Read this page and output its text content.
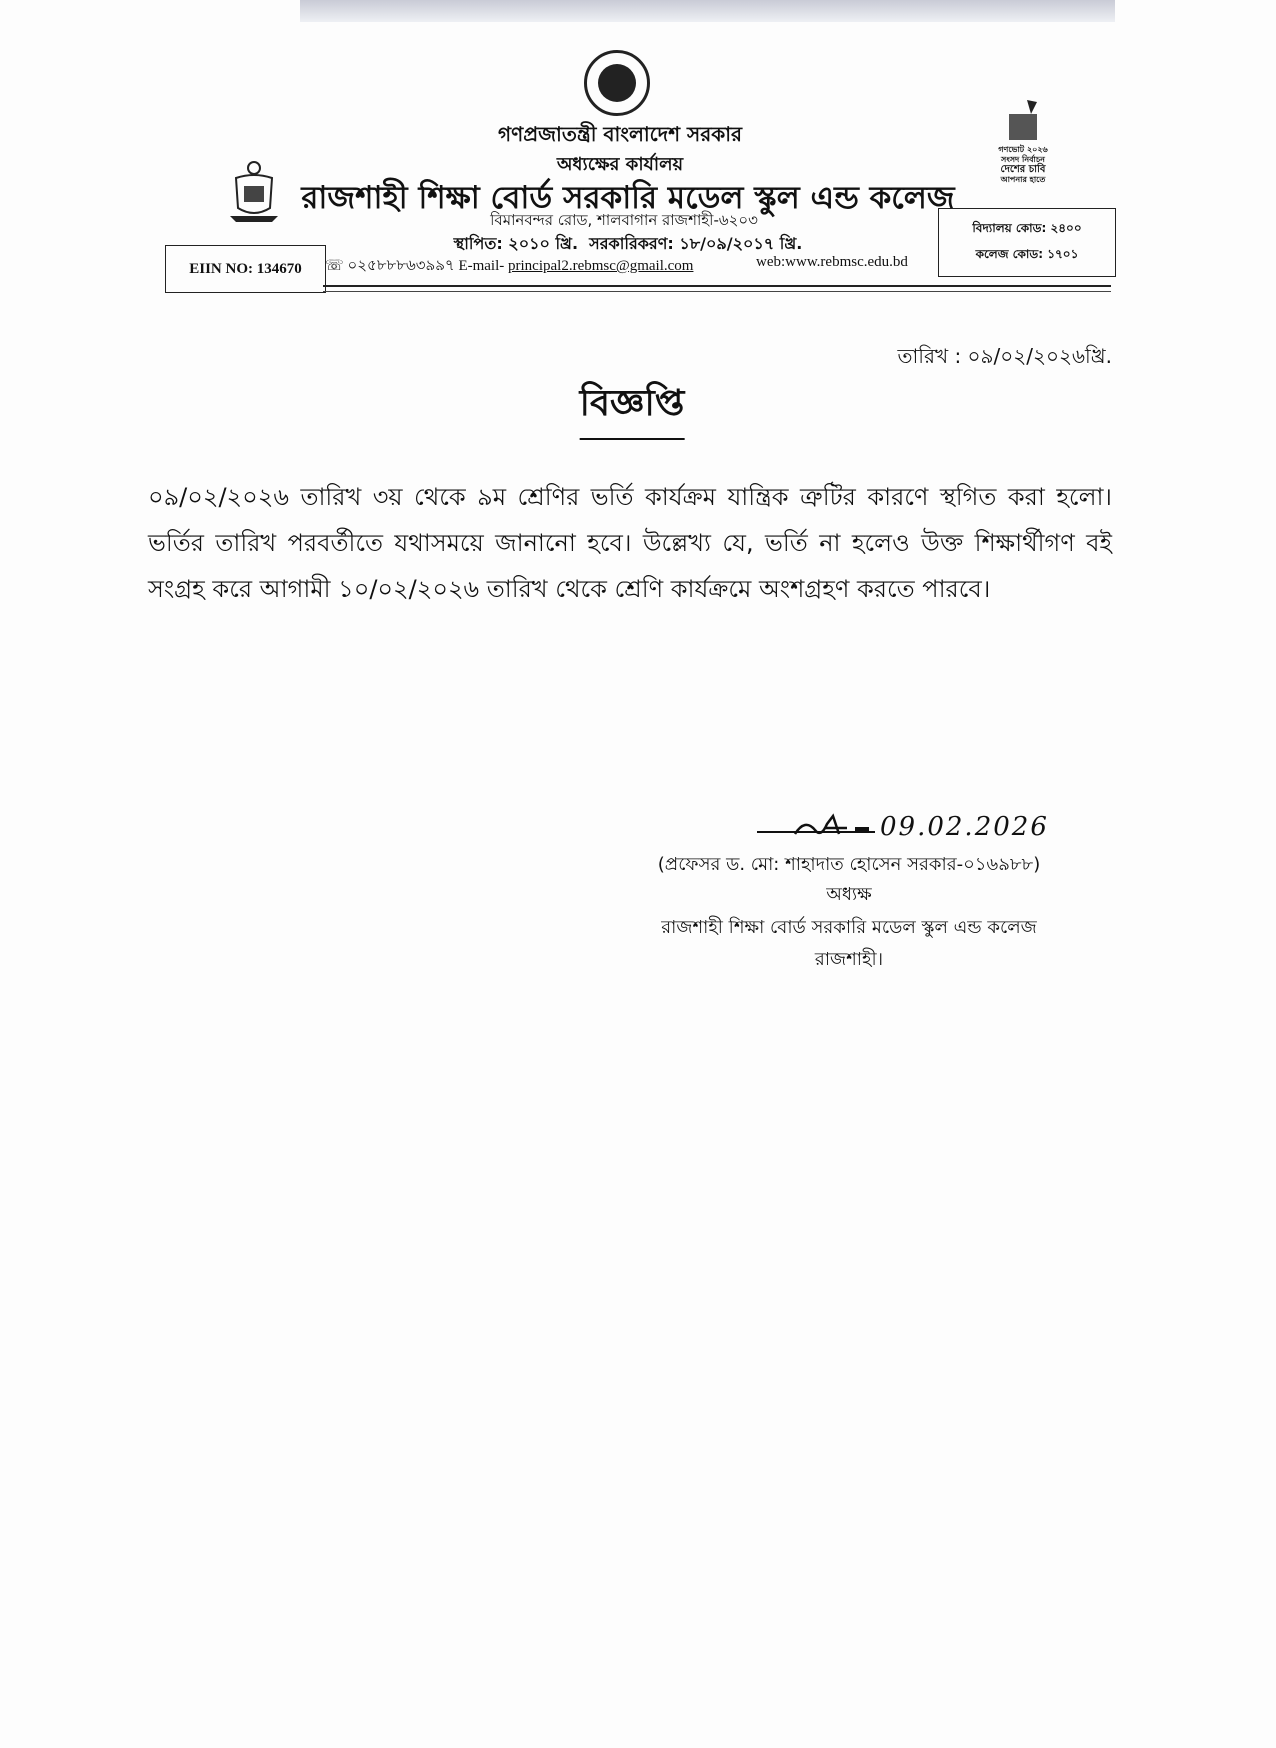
গণভোট ২০২৬
সংসদ নির্বাচন
দেশের চাবি
আপনার হাতে
গণপ্রজাতন্ত্রী বাংলাদেশ সরকার
অধ্যক্ষের কার্যালয়
রাজশাহী শিক্ষা বোর্ড সরকারি মডেল স্কুল এন্ড কলেজ
বিমানবন্দর রোড, শালবাগান রাজশাহী-৬২০৩
স্থাপিত: ২০১০ খ্রি.  সরকারিকরণ: ১৮/০৯/২০১৭ খ্রি.
EIIN NO: 134670	☏ ০২৫৮৮৮৬৩৯৯৭ E-mail- principal2.rebmsc@gmail.com	web:www.rebmsc.edu.bd
বিদ্যালয় কোড: ২৪০০
কলেজ কোড: ১৭০১
তারিখ : ০৯/০২/২০২৬খ্রি.
বিজ্ঞপ্তি
০৯/০২/২০২৬ তারিখ ৩য় থেকে ৯ম শ্রেণির ভর্তি কার্যক্রম যান্ত্রিক ত্রুটির কারণে স্থগিত করা হলো। ভর্তির তারিখ পরবর্তীতে যথাসময়ে জানানো হবে। উল্লেখ্য যে, ভর্তি না হলেও উক্ত শিক্ষার্থীগণ বই সংগ্রহ করে আগামী ১০/০২/২০২৬ তারিখ থেকে শ্রেণি কার্যক্রমে অংশগ্রহণ করতে পারবে।
09.02.2026
(প্রফেসর ড. মো: শাহাদাত হোসেন সরকার-০১৬৯৮৮)
অধ্যক্ষ
রাজশাহী শিক্ষা বোর্ড সরকারি মডেল স্কুল এন্ড কলেজ
রাজশাহী।
